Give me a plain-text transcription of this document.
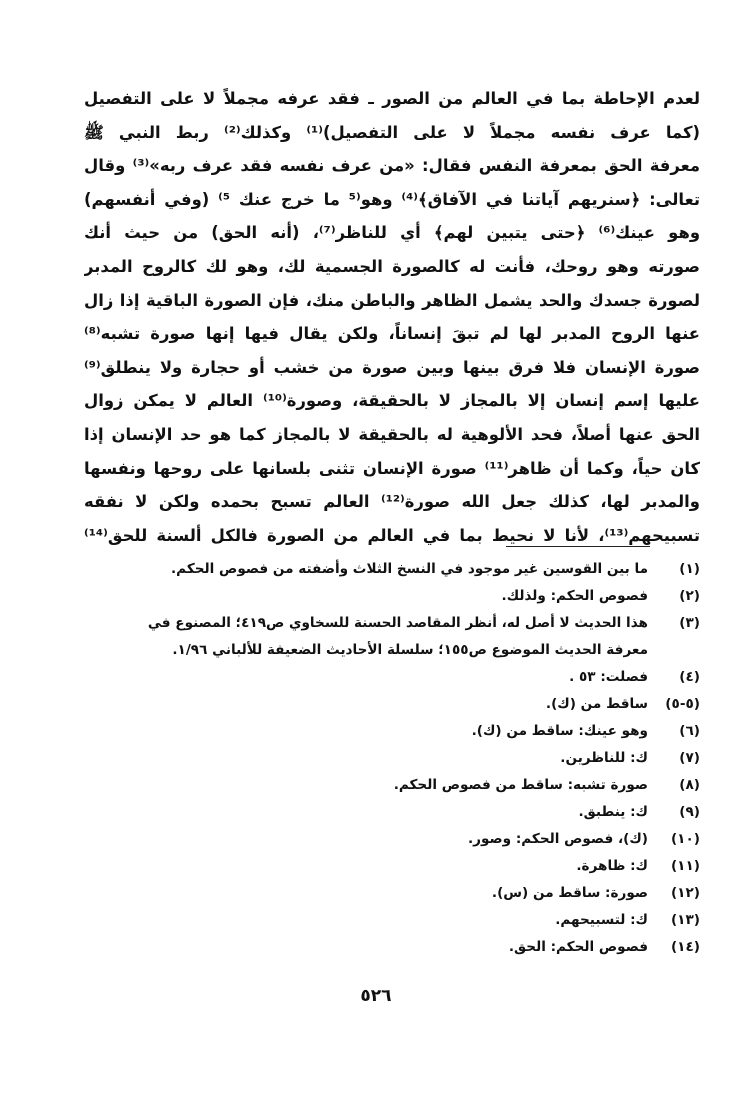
لعدم الإحاطة بما في العالم من الصور ـ فقد عرفه مجملاً لا على التفصيل
(كما عرف نفسه مجملاً لا على التفصيل)⁽¹⁾ وكذلك⁽²⁾ ربط النبي ﷺ
معرفة الحق بمعرفة النفس فقال: «من عرف نفسه فقد عرف ربه»⁽³⁾ وقال
تعالى: ﴿سنريهم آياتنا في الآفاق﴾⁽⁴⁾ وهو⁽⁵ ما خرج عنك ⁵⁾ (وفي أنفسهم)
وهو عينك⁽⁶⁾ ﴿حتى يتبين لهم﴾ أي للناظر⁽⁷⁾، (أنه الحق) من حيث أنك
صورته وهو روحك، فأنت له كالصورة الجسمية لك، وهو لك كالروح المدبر
لصورة جسدك والحد يشمل الظاهر والباطن منك، فإن الصورة الباقية إذا زال
عنها الروح المدبر لها لم تبقَ إنساناً، ولكن يقال فيها إنها صورة تشبه⁽⁸⁾
صورة الإنسان فلا فرق بينها وبين صورة من خشب أو حجارة ولا ينطلق⁽⁹⁾
عليها إسم إنسان إلا بالمجاز لا بالحقيقة، وصورة⁽¹⁰⁾ العالم لا يمكن زوال
الحق عنها أصلاً، فحد الألوهية له بالحقيقة لا بالمجاز كما هو حد الإنسان إذا
كان حياً، وكما أن ظاهر⁽¹¹⁾ صورة الإنسان تثنى بلسانها على روحها ونفسها
والمدبر لها، كذلك جعل الله صورة⁽¹²⁾ العالم تسبح بحمده ولكن لا نفقه
تسبيحهم⁽¹³⁾، لأنا لا نحيط بما في العالم من الصورة فالكل ألسنة للحق⁽¹⁴⁾
(١)
ما بين القوسين غير موجود في النسخ الثلاث وأضفته من فصوص الحكم.
(٢)
فصوص الحكم: ولذلك.
(٣)
هذا الحديث لا أصل له، أنظر المقاصد الحسنة للسخاوي ص٤١٩؛ المصنوع في
معرفة الحديث الموضوع ص١٥٥؛ سلسلة الأحاديث الضعيفة للألباني ١/٩٦.
(٤)
فصلت: ٥٣ .
(٥-٥)
ساقط من (ك).
(٦)
وهو عينك: ساقط من (ك).
(٧)
ك: للناظرين.
(٨)
صورة تشبه: ساقط من فصوص الحكم.
(٩)
ك: ينطبق.
(١٠)
(ك)، فصوص الحكم: وصور.
(١١)
ك: ظاهرة.
(١٢)
صورة: ساقط من (س).
(١٣)
ك: لتسبيحهم.
(١٤)
فصوص الحكم: الحق.
٥٢٦
